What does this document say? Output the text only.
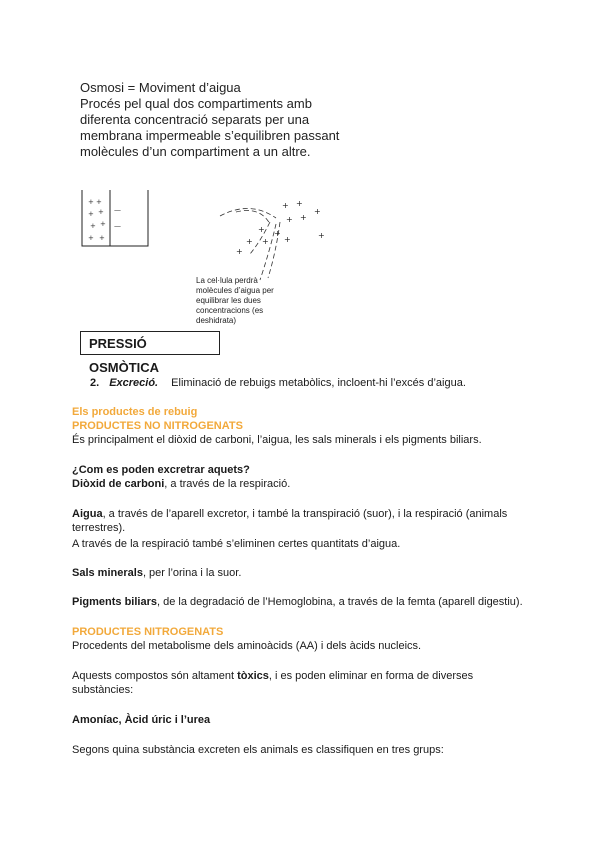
Osmosi = Moviment d’aigua
Procés pel qual dos compartiments amb
diferenta concentració separats per una
membrana impermeable s’equilibren passant
molècules d’un compartiment a un altre.
+ +
+ +
+ +
+ +
—
—
+ +
+ +
+ +
+ +
+
+	+
+
La cel·lula perdrà
molècules d’aigua per
equilibrar les dues
concentracions (es
deshidrata)
PRESSIÓ OSMÒTICA
2. Excreció. Eliminació de rebuigs metabòlics, incloent-hi l’excés d’aigua.
Els productes de rebuig
PRODUCTES NO NITROGENATS
És principalment el diòxid de carboni, l’aigua, les sals minerals i els pigments biliars.
¿Com es poden excretrar aquets?
Diòxid de carboni, a través de la respiració.
Aigua, a través de l’aparell excretor, i també la transpiració (suor), i la respiració (animals
terrestres).
A través de la respiració també s’eliminen certes quantitats d’aigua.
Sals minerals, per l’orina i la suor.
Pigments biliars, de la degradació de l’Hemoglobina, a través de la femta (aparell digestiu).
PRODUCTES NITROGENATS
Procedents del metabolisme dels aminoàcids (AA) i dels àcids nucleics.
Aquests compostos són altament tòxics, i es poden eliminar en forma de diverses
substàncies:
Amoníac, Àcid úric i l’urea
Segons quina substància excreten els animals es classifiquen en tres grups:
